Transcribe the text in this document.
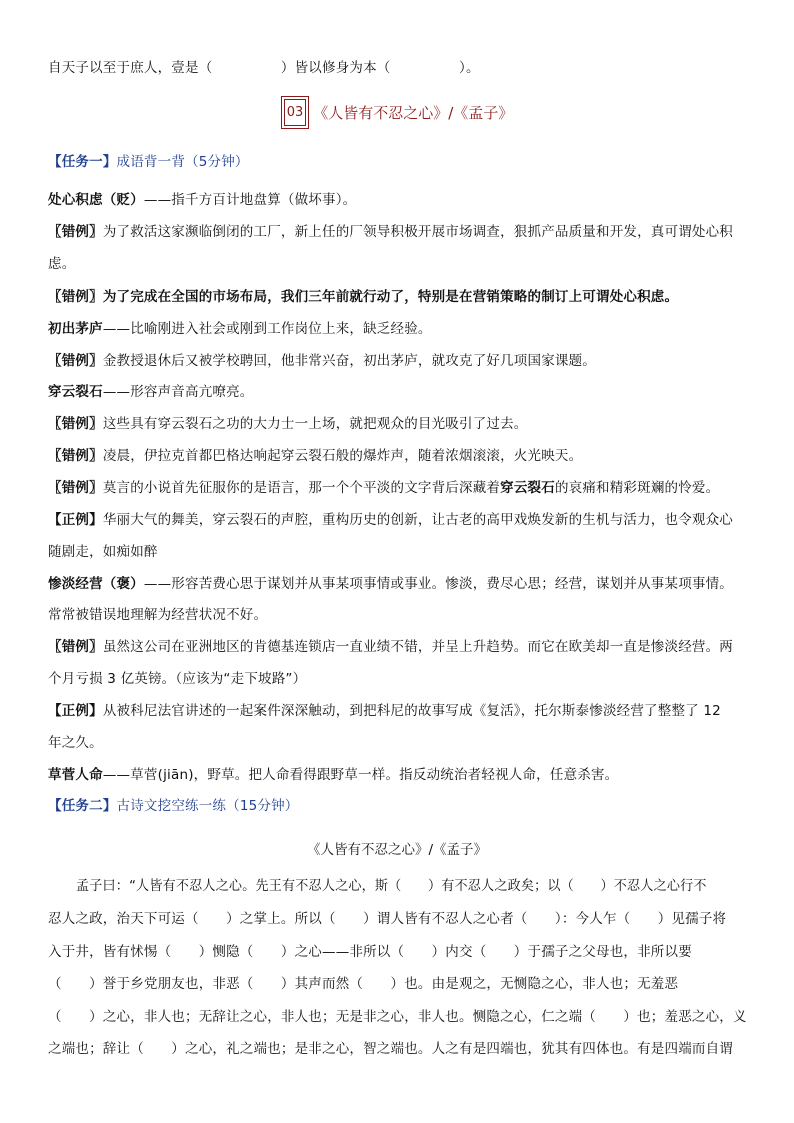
自天子以至于庶人，壹是（　　　　　）皆以修身为本（　　　　　）。
03 《人皆有不忍之心》/《孟子》
【任务一】成语背一背（5分钟）
处心积虑（贬）——指千方百计地盘算（做坏事）。
〖错例〗为了救活这家濒临倒闭的工厂，新上任的厂领导积极开展市场调查，狠抓产品质量和开发，真可谓处心积
虑。
〖错例〗为了完成在全国的市场布局，我们三年前就行动了，特别是在营销策略的制订上可谓处心积虑。
初出茅庐——比喻刚进入社会或刚到工作岗位上来，缺乏经验。
〖错例〗金教授退休后又被学校聘回，他非常兴奋，初出茅庐，就攻克了好几项国家课题。
穿云裂石——形容声音高亢嘹亮。
〖错例〗这些具有穿云裂石之功的大力士一上场，就把观众的目光吸引了过去。
〖错例〗凌晨，伊拉克首都巴格达响起穿云裂石般的爆炸声，随着浓烟滚滚，火光映天。
〖错例〗莫言的小说首先征服你的是语言，那一个个平淡的文字背后深藏着穿云裂石的哀痛和精彩斑斓的怜爱。
【正例】华丽大气的舞美，穿云裂石的声腔，重构历史的创新，让古老的高甲戏焕发新的生机与活力，也令观众心
随剧走，如痴如醉
惨淡经营（褒）——形容苦费心思于谋划并从事某项事情或事业。惨淡，费尽心思；经营，谋划并从事某项事情。
常常被错误地理解为经营状况不好。
〖错例〗虽然这公司在亚洲地区的肯德基连锁店一直业绩不错，并呈上升趋势。而它在欧美却一直是惨淡经营。两
个月亏损 3 亿英镑。（应该为“走下坡路”）
【正例】从被科尼法官讲述的一起案件深深触动，到把科尼的故事写成《复活》，托尔斯泰惨淡经营了整整了 12
年之久。
草菅人命——草菅(jiān)，野草。把人命看得跟野草一样。指反动统治者轻视人命，任意杀害。
【任务二】古诗文挖空练一练（15分钟）
《人皆有不忍之心》/《孟子》
孟子曰：“人皆有不忍人之心。先王有不忍人之心，斯（　　）有不忍人之政矣；以（　　）不忍人之心行不
忍人之政，治天下可运（　　）之掌上。所以（　　）谓人皆有不忍人之心者（　　）：今人乍（　　）见孺子将
入于井，皆有怵惕（　　）恻隐（　　）之心——非所以（　　）内交（　　）于孺子之父母也，非所以要
（　　）誉于乡党朋友也，非恶（　　）其声而然（　　）也。由是观之，无恻隐之心，非人也；无羞恶
（　　）之心，非人也；无辞让之心，非人也；无是非之心，非人也。恻隐之心，仁之端（　　）也；羞恶之心，义
之端也；辞让（　　）之心，礼之端也；是非之心，智之端也。人之有是四端也，犹其有四体也。有是四端而自谓
